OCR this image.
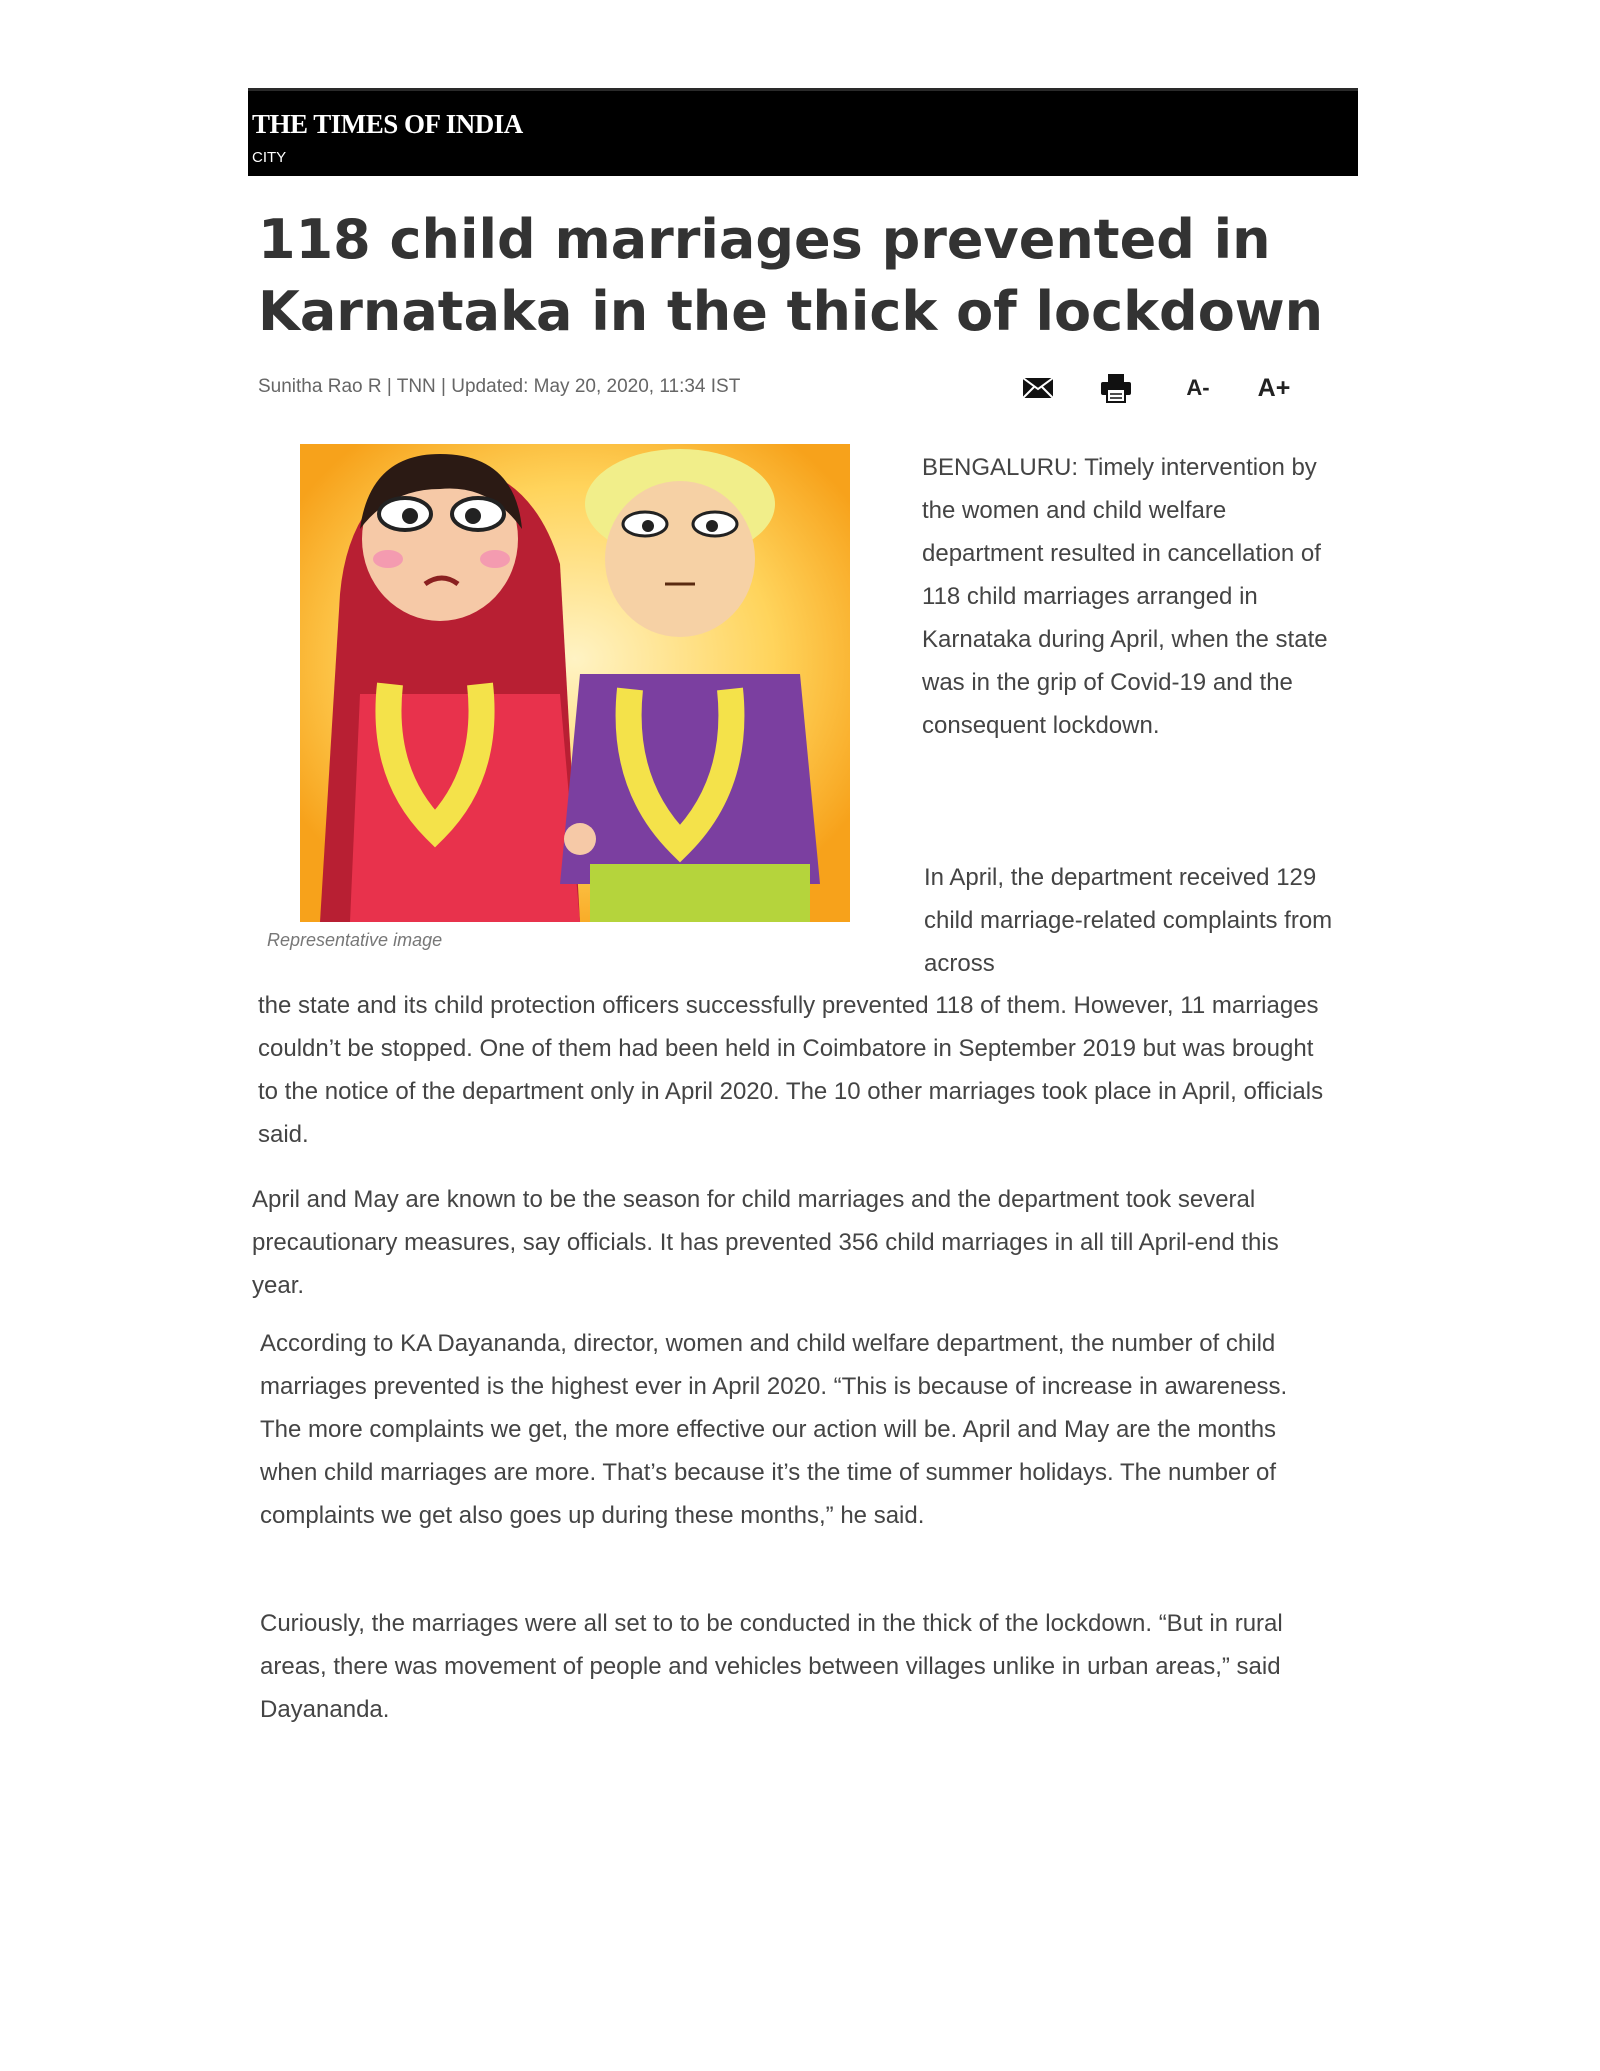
THE TIMES OF INDIA
CITY
118 child marriages prevented in
Karnataka in the thick of lockdown
Sunitha Rao R | TNN | Updated: May 20, 2020, 11:34 IST	A- A+
Representative image

BENGALURU: Timely intervention by the women and child welfare department resulted in cancellation of 118 child marriages arranged in Karnataka during April, when the state was in the grip of Covid-19 and the consequent lockdown.

In April, the department received 129 child marriage-related complaints from across

the state and its child protection officers successfully prevented 118 of them. However, 11 marriages couldn’t be stopped. One of them had been held in Coimbatore in September 2019 but was brought to the notice of the department only in April 2020. The 10 other marriages took place in April, officials said.

April and May are known to be the season for child marriages and the department took several precautionary measures, say officials. It has prevented 356 child marriages in all till April-end this year.

According to KA Dayananda, director, women and child welfare department, the number of child marriages prevented is the highest ever in April 2020. “This is because of increase in awareness. The more complaints we get, the more effective our action will be. April and May are the months when child marriages are more. That’s because it’s the time of summer holidays. The number of complaints we get also goes up during these months,” he said.

Curiously, the marriages were all set to to be conducted in the thick of the lockdown. “But in rural areas, there was movement of people and vehicles between villages unlike in urban areas,” said Dayananda.
